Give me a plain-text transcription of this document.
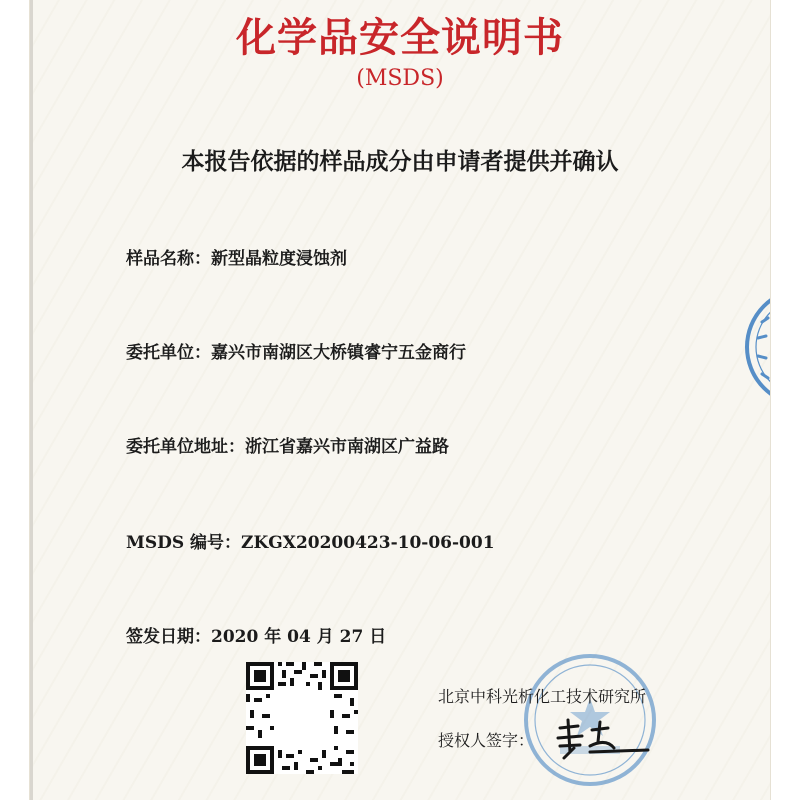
化学品安全说明书
(MSDS)
本报告依据的样品成分由申请者提供并确认
样品名称：新型晶粒度浸蚀剂
委托单位：嘉兴市南湖区大桥镇睿宁五金商行
委托单位地址：浙江省嘉兴市南湖区广益路
MSDS 编号：ZKGX20200423-10-06-001
签发日期：2020 年 04 月 27 日
北京中科光析化工技术研究所
授权人签字：
